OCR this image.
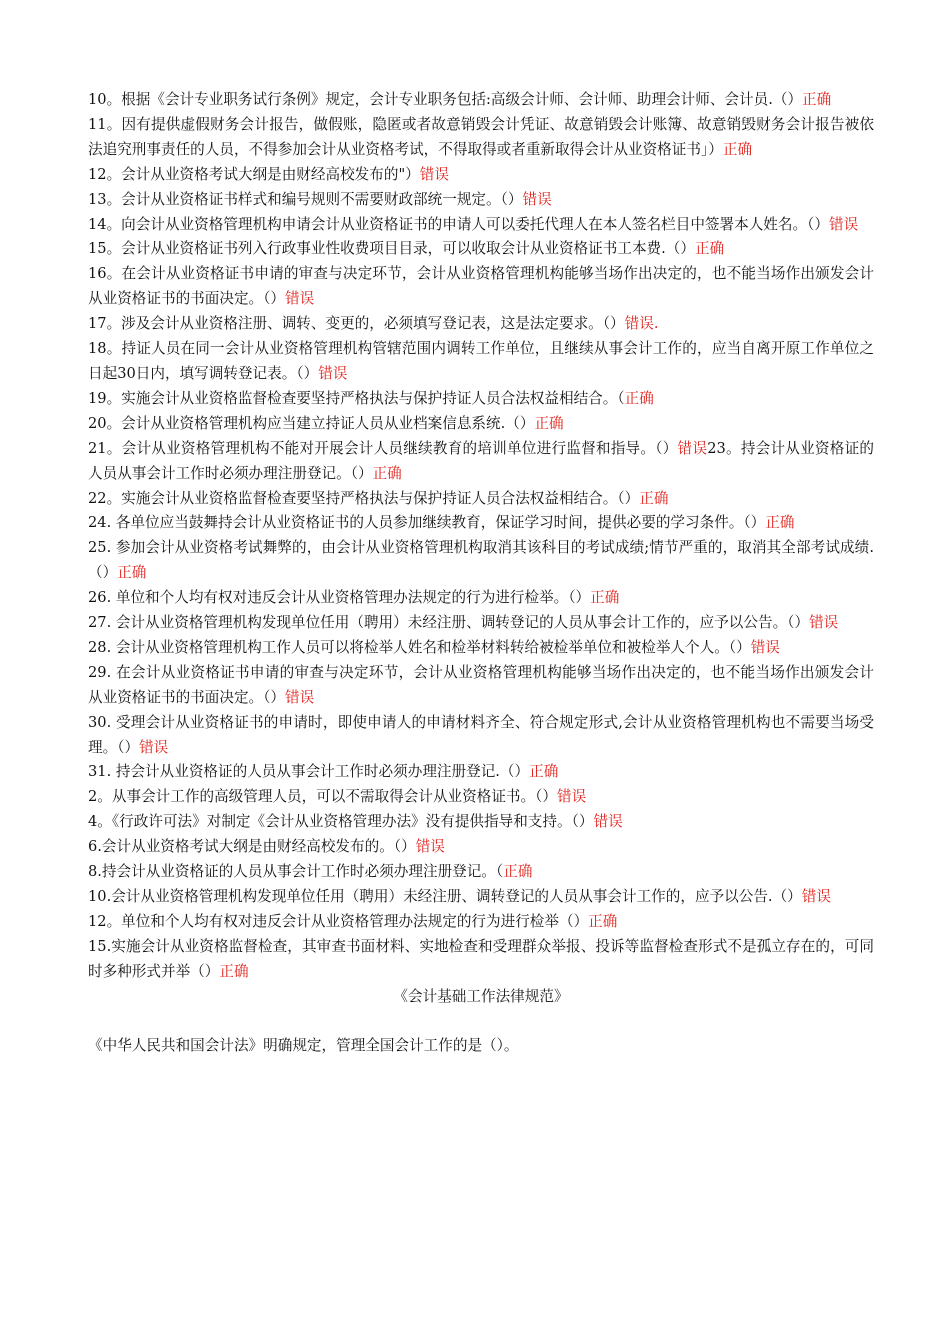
10。根据《会计专业职务试行条例》规定，会计专业职务包括:高级会计师、会计师、助理会计师、会计员.（）正确

11。因有提供虚假财务会计报告，做假账，隐匿或者故意销毁会计凭证、故意销毁会计账簿、故意销毁财务会计报告被依法追究刑事责任的人员，不得参加会计从业资格考试，不得取得或者重新取得会计从业资格证书」）正确

12。会计从业资格考试大纲是由财经高校发布的"）错误

13。会计从业资格证书样式和编号规则不需要财政部统一规定。（）错误

14。向会计从业资格管理机构申请会计从业资格证书的申请人可以委托代理人在本人签名栏目中签署本人姓名。（）错误

15。会计从业资格证书列入行政事业性收费项目目录，可以收取会计从业资格证书工本费.（）正确

16。在会计从业资格证书申请的审查与决定环节，会计从业资格管理机构能够当场作出决定的，也不能当场作出颁发会计从业资格证书的书面决定。（）错误

17。涉及会计从业资格注册、调转、变更的，必须填写登记表，这是法定要求。（）错误.

18。持证人员在同一会计从业资格管理机构管辖范围内调转工作单位，且继续从事会计工作的，应当自离开原工作单位之日起30日内，填写调转登记表。（）错误

19。实施会计从业资格监督检查要坚持严格执法与保护持证人员合法权益相结合。（正确

20。会计从业资格管理机构应当建立持证人员从业档案信息系统.（）正确

21。会计从业资格管理机构不能对开展会计人员继续教育的培训单位进行监督和指导。（）错误23。持会计从业资格证的人员从事会计工作时必须办理注册登记。（）正确

22。实施会计从业资格监督检查要坚持严格执法与保护持证人员合法权益相结合。（）正确

24. 各单位应当鼓舞持会计从业资格证书的人员参加继续教育，保证学习时间，提供必要的学习条件。（）正确

25. 参加会计从业资格考试舞弊的，由会计从业资格管理机构取消其该科目的考试成绩;情节严重的，取消其全部考试成绩.（）正确

26. 单位和个人均有权对违反会计从业资格管理办法规定的行为进行检举。（）正确

27. 会计从业资格管理机构发现单位任用（聘用）未经注册、调转登记的人员从事会计工作的，应予以公告。（）错误

28. 会计从业资格管理机构工作人员可以将检举人姓名和检举材料转给被检举单位和被检举人个人。（）错误

29. 在会计从业资格证书申请的审查与决定环节，会计从业资格管理机构能够当场作出决定的，也不能当场作出颁发会计从业资格证书的书面决定。（）错误

30. 受理会计从业资格证书的申请时，即使申请人的申请材料齐全、符合规定形式,会计从业资格管理机构也不需要当场受理。（）错误

31. 持会计从业资格证的人员从事会计工作时必须办理注册登记.（）正确

2。从事会计工作的高级管理人员，可以不需取得会计从业资格证书。（）错误

4。《行政许可法》对制定《会计从业资格管理办法》没有提供指导和支持。（）错误

6.会计从业资格考试大纲是由财经高校发布的。（）错误

8.持会计从业资格证的人员从事会计工作时必须办理注册登记。（正确

10.会计从业资格管理机构发现单位任用（聘用）未经注册、调转登记的人员从事会计工作的，应予以公告.（）错误

12。单位和个人均有权对违反会计从业资格管理办法规定的行为进行检举（）正确

15.实施会计从业资格监督检查，其审查书面材料、实地检查和受理群众举报、投诉等监督检查形式不是孤立存在的，可同时多种形式并举（）正确

《会计基础工作法律规范》

《中华人民共和国会计法》明确规定，管理全国会计工作的是（）。
